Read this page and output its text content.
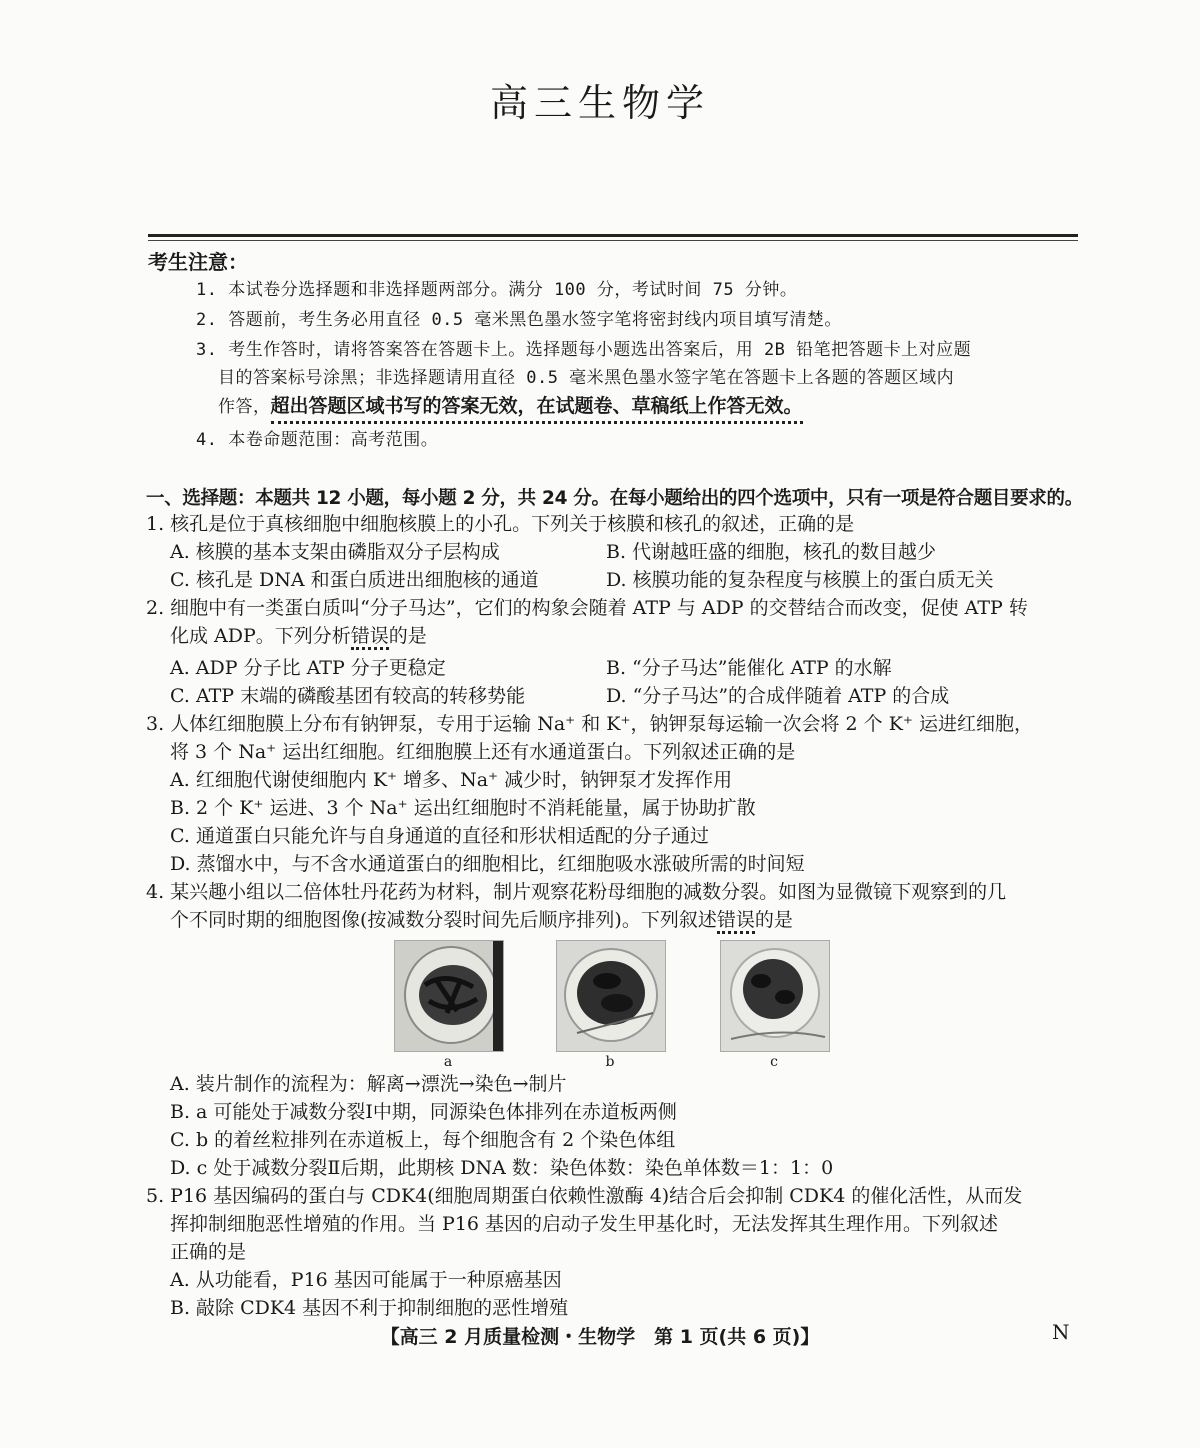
高三生物学
考生注意：
1. 本试卷分选择题和非选择题两部分。满分 100 分，考试时间 75 分钟。
2. 答题前，考生务必用直径 0.5 毫米黑色墨水签字笔将密封线内项目填写清楚。
3. 考生作答时，请将答案答在答题卡上。选择题每小题选出答案后，用 2B 铅笔把答题卡上对应题
目的答案标号涂黑；非选择题请用直径 0.5 毫米黑色墨水签字笔在答题卡上各题的答题区域内
作答，超出答题区域书写的答案无效，在试题卷、草稿纸上作答无效。
4. 本卷命题范围：高考范围。
一、选择题：本题共 12 小题，每小题 2 分，共 24 分。在每小题给出的四个选项中，只有一项是符合题目要求的。
1. 核孔是位于真核细胞中细胞核膜上的小孔。下列关于核膜和核孔的叙述，正确的是
A. 核膜的基本支架由磷脂双分子层构成	B. 代谢越旺盛的细胞，核孔的数目越少
C. 核孔是 DNA 和蛋白质进出细胞核的通道	D. 核膜功能的复杂程度与核膜上的蛋白质无关
2. 细胞中有一类蛋白质叫“分子马达”，它们的构象会随着 ATP 与 ADP 的交替结合而改变，促使 ATP 转
化成 ADP。下列分析错误的是
A. ADP 分子比 ATP 分子更稳定	B. “分子马达”能催化 ATP 的水解
C. ATP 末端的磷酸基团有较高的转移势能	D. “分子马达”的合成伴随着 ATP 的合成
3. 人体红细胞膜上分布有钠钾泵，专用于运输 Na⁺ 和 K⁺，钠钾泵每运输一次会将 2 个 K⁺ 运进红细胞，
将 3 个 Na⁺ 运出红细胞。红细胞膜上还有水通道蛋白。下列叙述正确的是
A. 红细胞代谢使细胞内 K⁺ 增多、Na⁺ 减少时，钠钾泵才发挥作用
B. 2 个 K⁺ 运进、3 个 Na⁺ 运出红细胞时不消耗能量，属于协助扩散
C. 通道蛋白只能允许与自身通道的直径和形状相适配的分子通过
D. 蒸馏水中，与不含水通道蛋白的细胞相比，红细胞吸水涨破所需的时间短
4. 某兴趣小组以二倍体牡丹花药为材料，制片观察花粉母细胞的减数分裂。如图为显微镜下观察到的几
个不同时期的细胞图像(按减数分裂时间先后顺序排列)。下列叙述错误的是
a	b	c
A. 装片制作的流程为：解离→漂洗→染色→制片
B. a 可能处于减数分裂Ⅰ中期，同源染色体排列在赤道板两侧
C. b 的着丝粒排列在赤道板上，每个细胞含有 2 个染色体组
D. c 处于减数分裂Ⅱ后期，此期核 DNA 数：染色体数：染色单体数＝1：1：0
5. P16 基因编码的蛋白与 CDK4(细胞周期蛋白依赖性激酶 4)结合后会抑制 CDK4 的催化活性，从而发
挥抑制细胞恶性增殖的作用。当 P16 基因的启动子发生甲基化时，无法发挥其生理作用。下列叙述
正确的是
A. 从功能看，P16 基因可能属于一种原癌基因
B. 敲除 CDK4 基因不利于抑制细胞的恶性增殖
【高三 2 月质量检测・生物学　第 1 页(共 6 页)】	N
